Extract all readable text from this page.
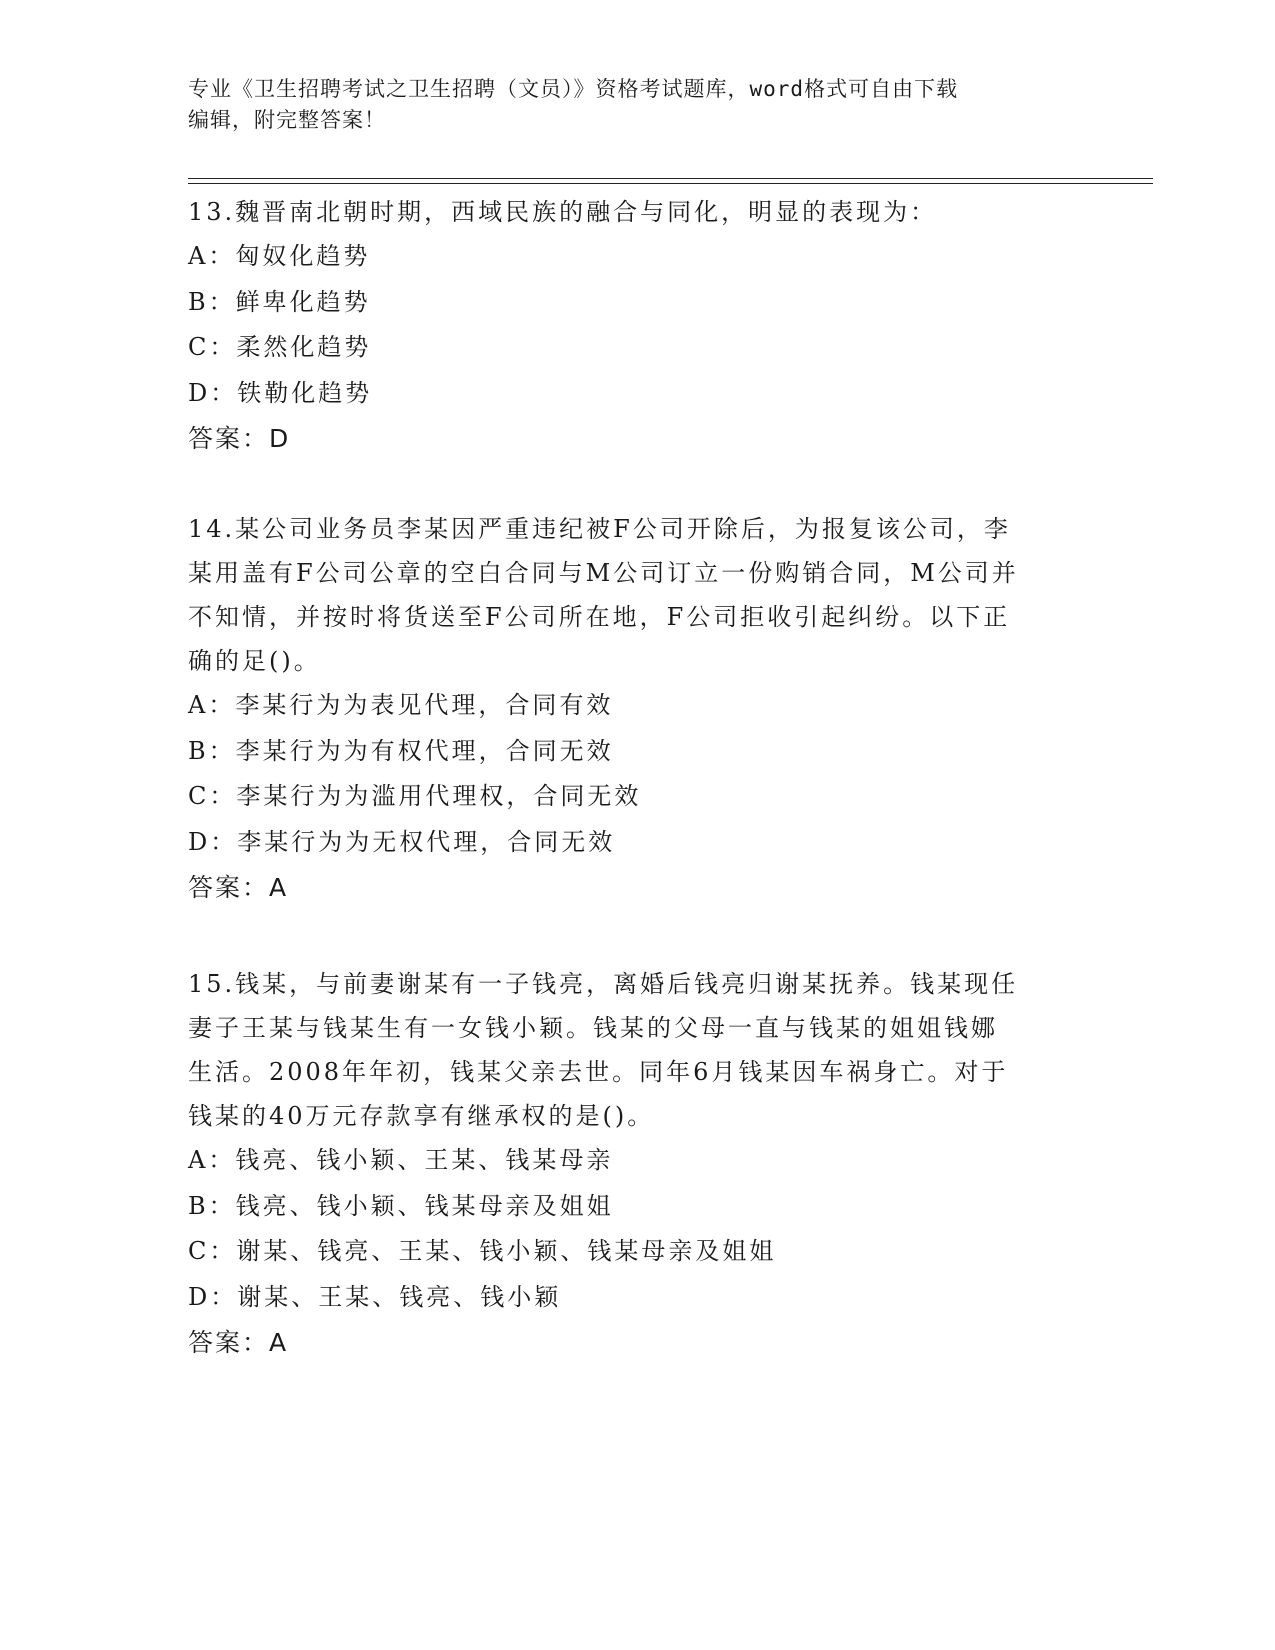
专业《卫生招聘考试之卫生招聘（文员）》资格考试题库，word格式可自由下载
编辑，附完整答案！

13.魏晋南北朝时期，西域民族的融合与同化，明显的表现为：

A：匈奴化趋势

B：鲜卑化趋势

C：柔然化趋势

D：铁勒化趋势

答案：D

14.某公司业务员李某因严重违纪被F公司开除后，为报复该公司，李

某用盖有F公司公章的空白合同与M公司订立一份购销合同，M公司并

不知情，并按时将货送至F公司所在地，F公司拒收引起纠纷。以下正

确的足()。

A：李某行为为表见代理，合同有效

B：李某行为为有权代理，合同无效

C：李某行为为滥用代理权，合同无效

D：李某行为为无权代理，合同无效

答案：A

15.钱某，与前妻谢某有一子钱亮，离婚后钱亮归谢某抚养。钱某现任

妻子王某与钱某生有一女钱小颖。钱某的父母一直与钱某的姐姐钱娜

生活。2008年年初，钱某父亲去世。同年6月钱某因车祸身亡。对于

钱某的40万元存款享有继承权的是()。

A：钱亮、钱小颖、王某、钱某母亲

B：钱亮、钱小颖、钱某母亲及姐姐

C：谢某、钱亮、王某、钱小颖、钱某母亲及姐姐

D：谢某、王某、钱亮、钱小颖

答案：A
